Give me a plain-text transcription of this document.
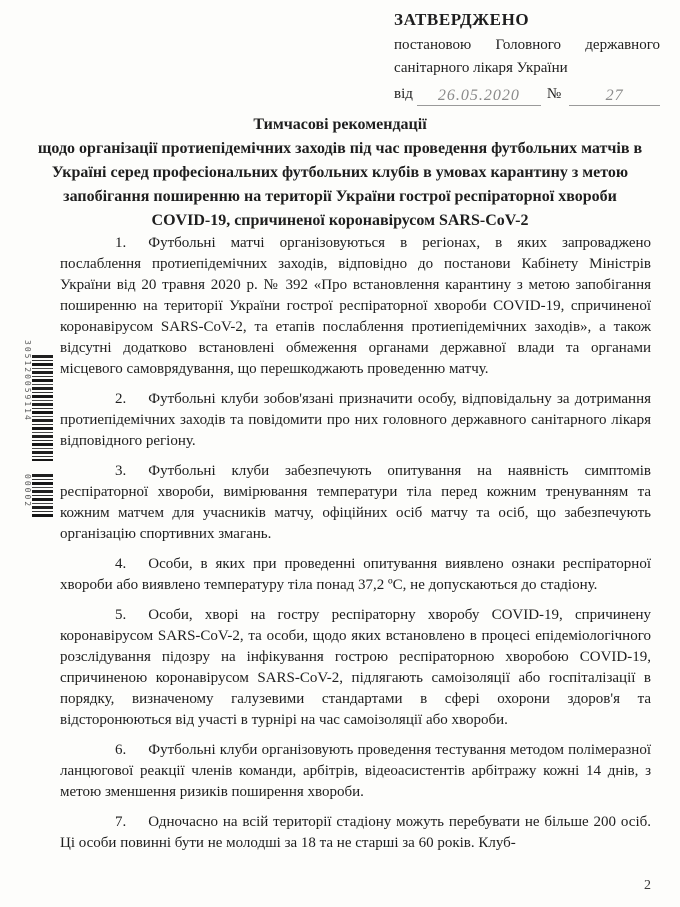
305120059114
00002
ЗАТВЕРДЖЕНО
постановою Головного державного санітарного лікаря України
від	26.05.2020	№	27
Тимчасові рекомендації
щодо організації протиепідемічних заходів під час проведення футбольних матчів в Україні серед професіональних футбольних клубів в умовах карантину з метою запобігання поширенню на території України гострої респіраторної хвороби COVID-19, спричиненої коронавірусом SARS-CoV-2

1. Футбольні матчі організовуються в регіонах, в яких запроваджено послаблення протиепідемічних заходів, відповідно до постанови Кабінету Міністрів України від 20 травня 2020 р. № 392 «Про встановлення карантину з метою запобігання поширенню на території України гострої респіраторної хвороби COVID-19, спричиненої коронавірусом SARS-CoV-2, та етапів послаблення протиепідемічних заходів», а також відсутні додатково встановлені обмеження органами державної влади та органами місцевого самоврядування, що перешкоджають проведенню матчу.

2. Футбольні клуби зобов'язані призначити особу, відповідальну за дотримання протиепідемічних заходів та повідомити про них головного державного санітарного лікаря відповідного регіону.

3. Футбольні клуби забезпечують опитування на наявність симптомів респіраторної хвороби, вимірювання температури тіла перед кожним тренуванням та кожним матчем для учасників матчу, офіційних осіб матчу та осіб, що забезпечують організацію спортивних змагань.

4. Особи, в яких при проведенні опитування виявлено ознаки респіраторної хвороби або виявлено температуру тіла понад 37,2 ºС, не допускаються до стадіону.

5. Особи, хворі на гостру респіраторну хворобу COVID-19, спричинену коронавірусом SARS-CoV-2, та особи, щодо яких встановлено в процесі епідеміологічного розслідування підозру на інфікування гострою респіраторною хворобою COVID-19, спричиненою коронавірусом SARS-CoV-2, підлягають самоізоляції або госпіталізації в порядку, визначеному галузевими стандартами в сфері охорони здоров'я та відсторонюються від участі в турнірі на час самоізоляції або хвороби.

6. Футбольні клуби організовують проведення тестування методом полімеразної ланцюгової реакції членів команди, арбітрів, відеоасистентів арбітражу кожні 14 днів, з метою зменшення ризиків поширення хвороби.

7. Одночасно на всій території стадіону можуть перебувати не більше 200 осіб. Ці особи повинні бути не молодші за 18 та не старші за 60 років. Клуб-

2
